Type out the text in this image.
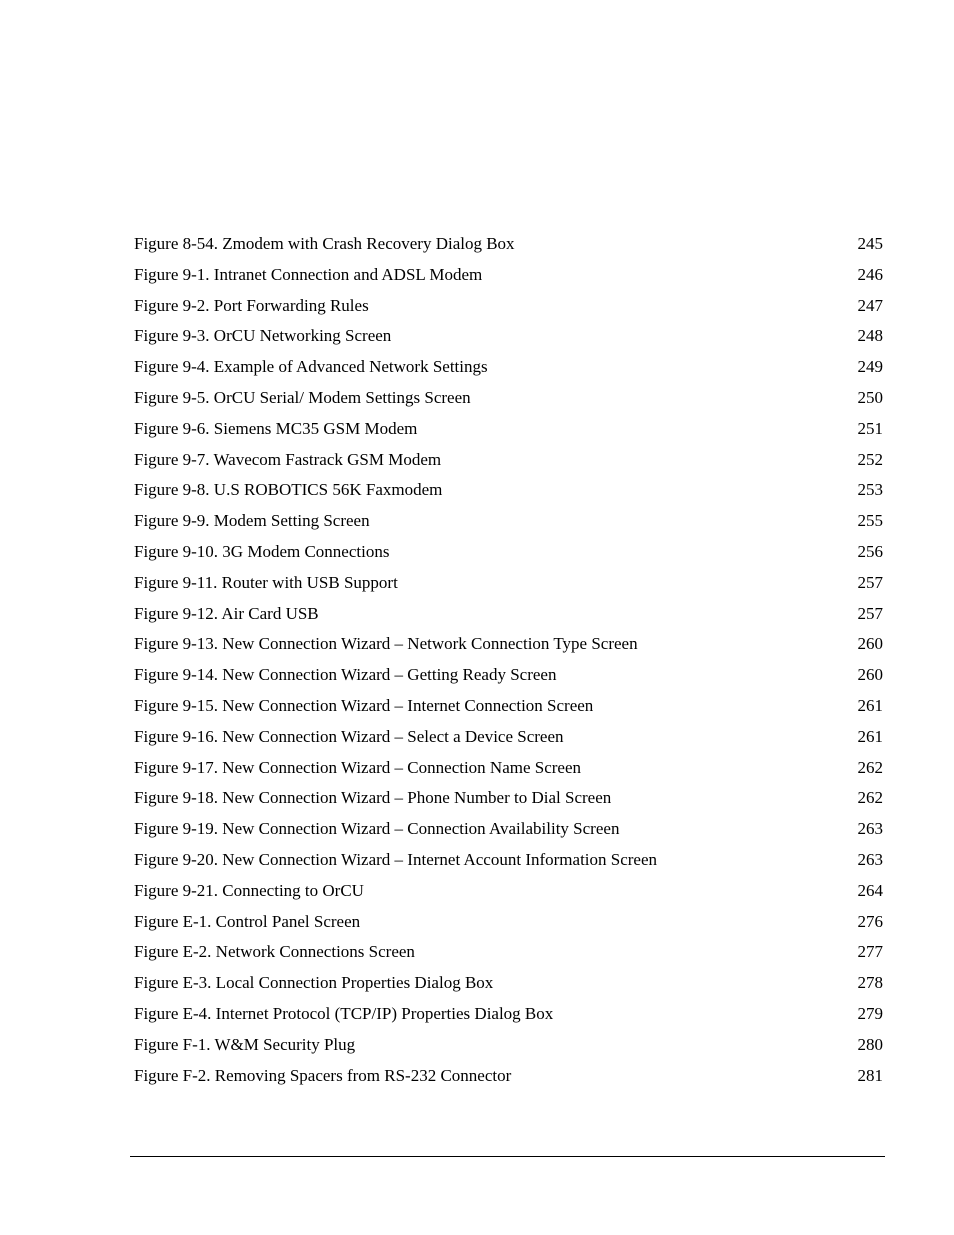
Figure 8-54. Zmodem with Crash Recovery Dialog Box	245
Figure 9-1. Intranet Connection and ADSL Modem	246
Figure 9-2. Port Forwarding Rules	247
Figure 9-3. OrCU Networking Screen	248
Figure 9-4. Example of Advanced Network Settings	249
Figure 9-5. OrCU Serial/ Modem Settings Screen	250
Figure 9-6. Siemens MC35 GSM Modem	251
Figure 9-7. Wavecom Fastrack GSM Modem	252
Figure 9-8. U.S ROBOTICS 56K Faxmodem	253
Figure 9-9. Modem Setting Screen	255
Figure 9-10. 3G Modem Connections	256
Figure 9-11. Router with USB Support	257
Figure 9-12. Air Card USB	257
Figure 9-13. New Connection Wizard – Network Connection Type Screen	260
Figure 9-14. New Connection Wizard – Getting Ready Screen	260
Figure 9-15. New Connection Wizard – Internet Connection Screen	261
Figure 9-16. New Connection Wizard – Select a Device Screen	261
Figure 9-17. New Connection Wizard – Connection Name Screen	262
Figure 9-18. New Connection Wizard – Phone Number to Dial Screen	262
Figure 9-19. New Connection Wizard – Connection Availability Screen	263
Figure 9-20. New Connection Wizard – Internet Account Information Screen	263
Figure 9-21. Connecting to OrCU	264
Figure E-1. Control Panel Screen	276
Figure E-2. Network Connections Screen	277
Figure E-3. Local Connection Properties Dialog Box	278
Figure E-4. Internet Protocol (TCP/IP) Properties Dialog Box	279
Figure F-1. W&M Security Plug	280
Figure F-2. Removing Spacers from RS-232 Connector	281
